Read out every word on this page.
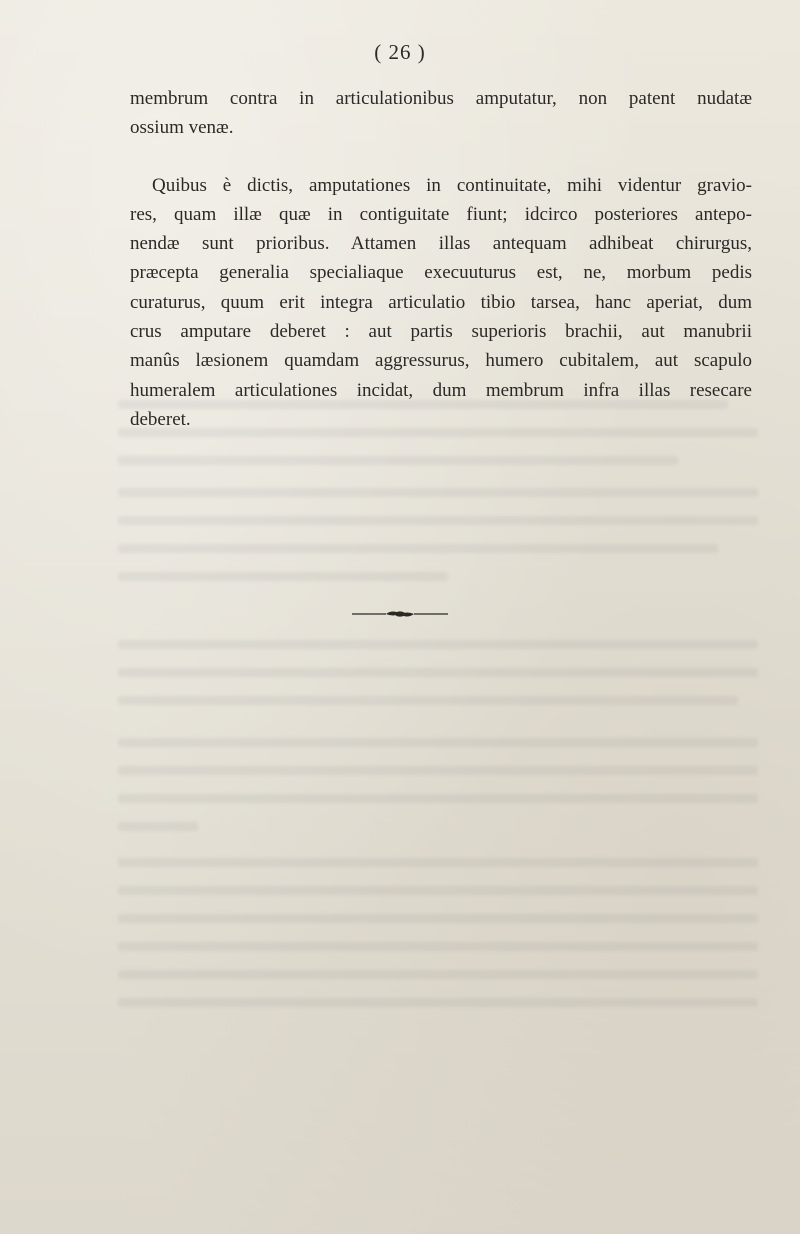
( 26 )

membrum contra in articulationibus amputatur, non patent nudatæ
ossium venæ.

Quibus è dictis, amputationes in continuitate, mihi videntur gravio-
res, quam illæ quæ in contiguitate fiunt; idcirco posteriores antepo-
nendæ sunt prioribus. Attamen illas antequam adhibeat chirurgus,
præcepta generalia specialiaque execuuturus est, ne, morbum pedis
curaturus, quum erit integra articulatio tibio tarsea, hanc aperiat, dum
crus amputare deberet : aut partis superioris brachii, aut manubrii
manûs læsionem quamdam aggressurus, humero cubitalem, aut scapulo
humeralem articulationes incidat, dum membrum infra illas resecare
deberet.
